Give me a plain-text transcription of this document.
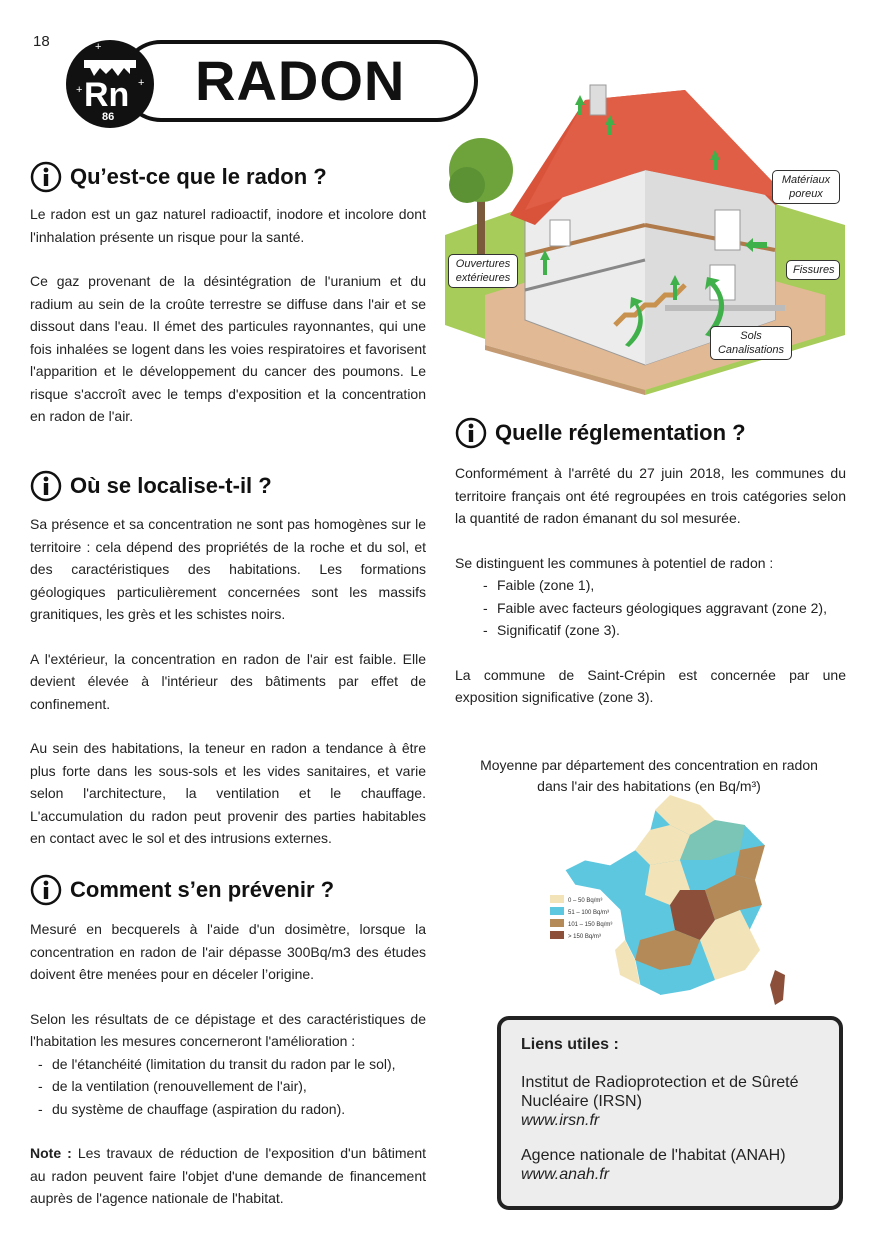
18	+
+
+
+
Rn
86
RADON
Qu’est-ce que le radon ?

Le radon est un gaz naturel radioactif, inodore et incolore dont l'inhalation présente un risque pour la santé.

Ce gaz provenant de la désintégration de l'uranium et du radium au sein de la croûte terrestre se diffuse dans l'air et se dissout dans l'eau. Il émet des particules rayonnantes, qui une fois inhalées se logent dans les voies respiratoires et favorisent l'apparition et le développement du cancer des poumons. Le risque s'accroît avec le temps d'exposition et la concentration en radon de l'air.

Où se localise-t-il ?

Sa présence et sa concentration ne sont pas homogènes sur le territoire : cela dépend des propriétés de la roche et du sol, et des caractéristiques des habitations. Les formations géologiques particulièrement concernées sont les massifs granitiques, les grès et les schistes noirs.

A l'extérieur, la concentration en radon de l'air est faible. Elle devient élevée à l'intérieur des bâtiments par effet de confinement.

Au sein des habitations, la teneur en radon a tendance à être plus forte dans les sous-sols et les vides sanitaires, et varie selon l'architecture, la ventilation et le chauffage. L'accumulation du radon peut provenir des parties habitables en contact avec le sol et des intrusions externes.

Comment s’en prévenir ?

Mesuré en becquerels à l'aide d'un dosimètre, lorsque la concentration en radon de l'air dépasse 300Bq/m3 des études doivent être menées pour en déceler l’origine.

Selon les résultats de ce dépistage et des caractéristiques de l'habitation les mesures concerneront l'amélioration :

- de l'étanchéité (limitation du transit du radon par le sol),
- de la ventilation (renouvellement de l'air),
- du système de chauffage (aspiration du radon).

Note : Les travaux de réduction de l'exposition d'un bâtiment au radon peuvent faire l'objet d'une demande de financement auprès de l'agence nationale de l'habitat.

Matériaux
poreux
Ouvertures
extérieures
Fissures
Sols
Canalisations
Quelle réglementation ?

Conformément à l'arrêté du 27 juin 2018, les communes du territoire français ont été regroupées en trois catégories selon la quantité de radon émanant du sol mesurée.

Se distinguent les communes à potentiel de radon :

- Faible (zone 1),
- Faible avec facteurs géologiques aggravant (zone 2),
- Significatif (zone 3).

La commune de Saint-Crépin est concernée par une exposition significative (zone 3).

Moyenne par département des concentration en radon
dans l'air des habitations (en Bq/m³)
0 – 50 Bq/m³
51 – 100 Bq/m³
101 – 150 Bq/m³
> 150 Bq/m³
Liens utiles :
Institut de Radioprotection et de Sûreté Nucléaire (IRSN)
www.irsn.fr
Agence nationale de l'habitat (ANAH)
www.anah.fr
